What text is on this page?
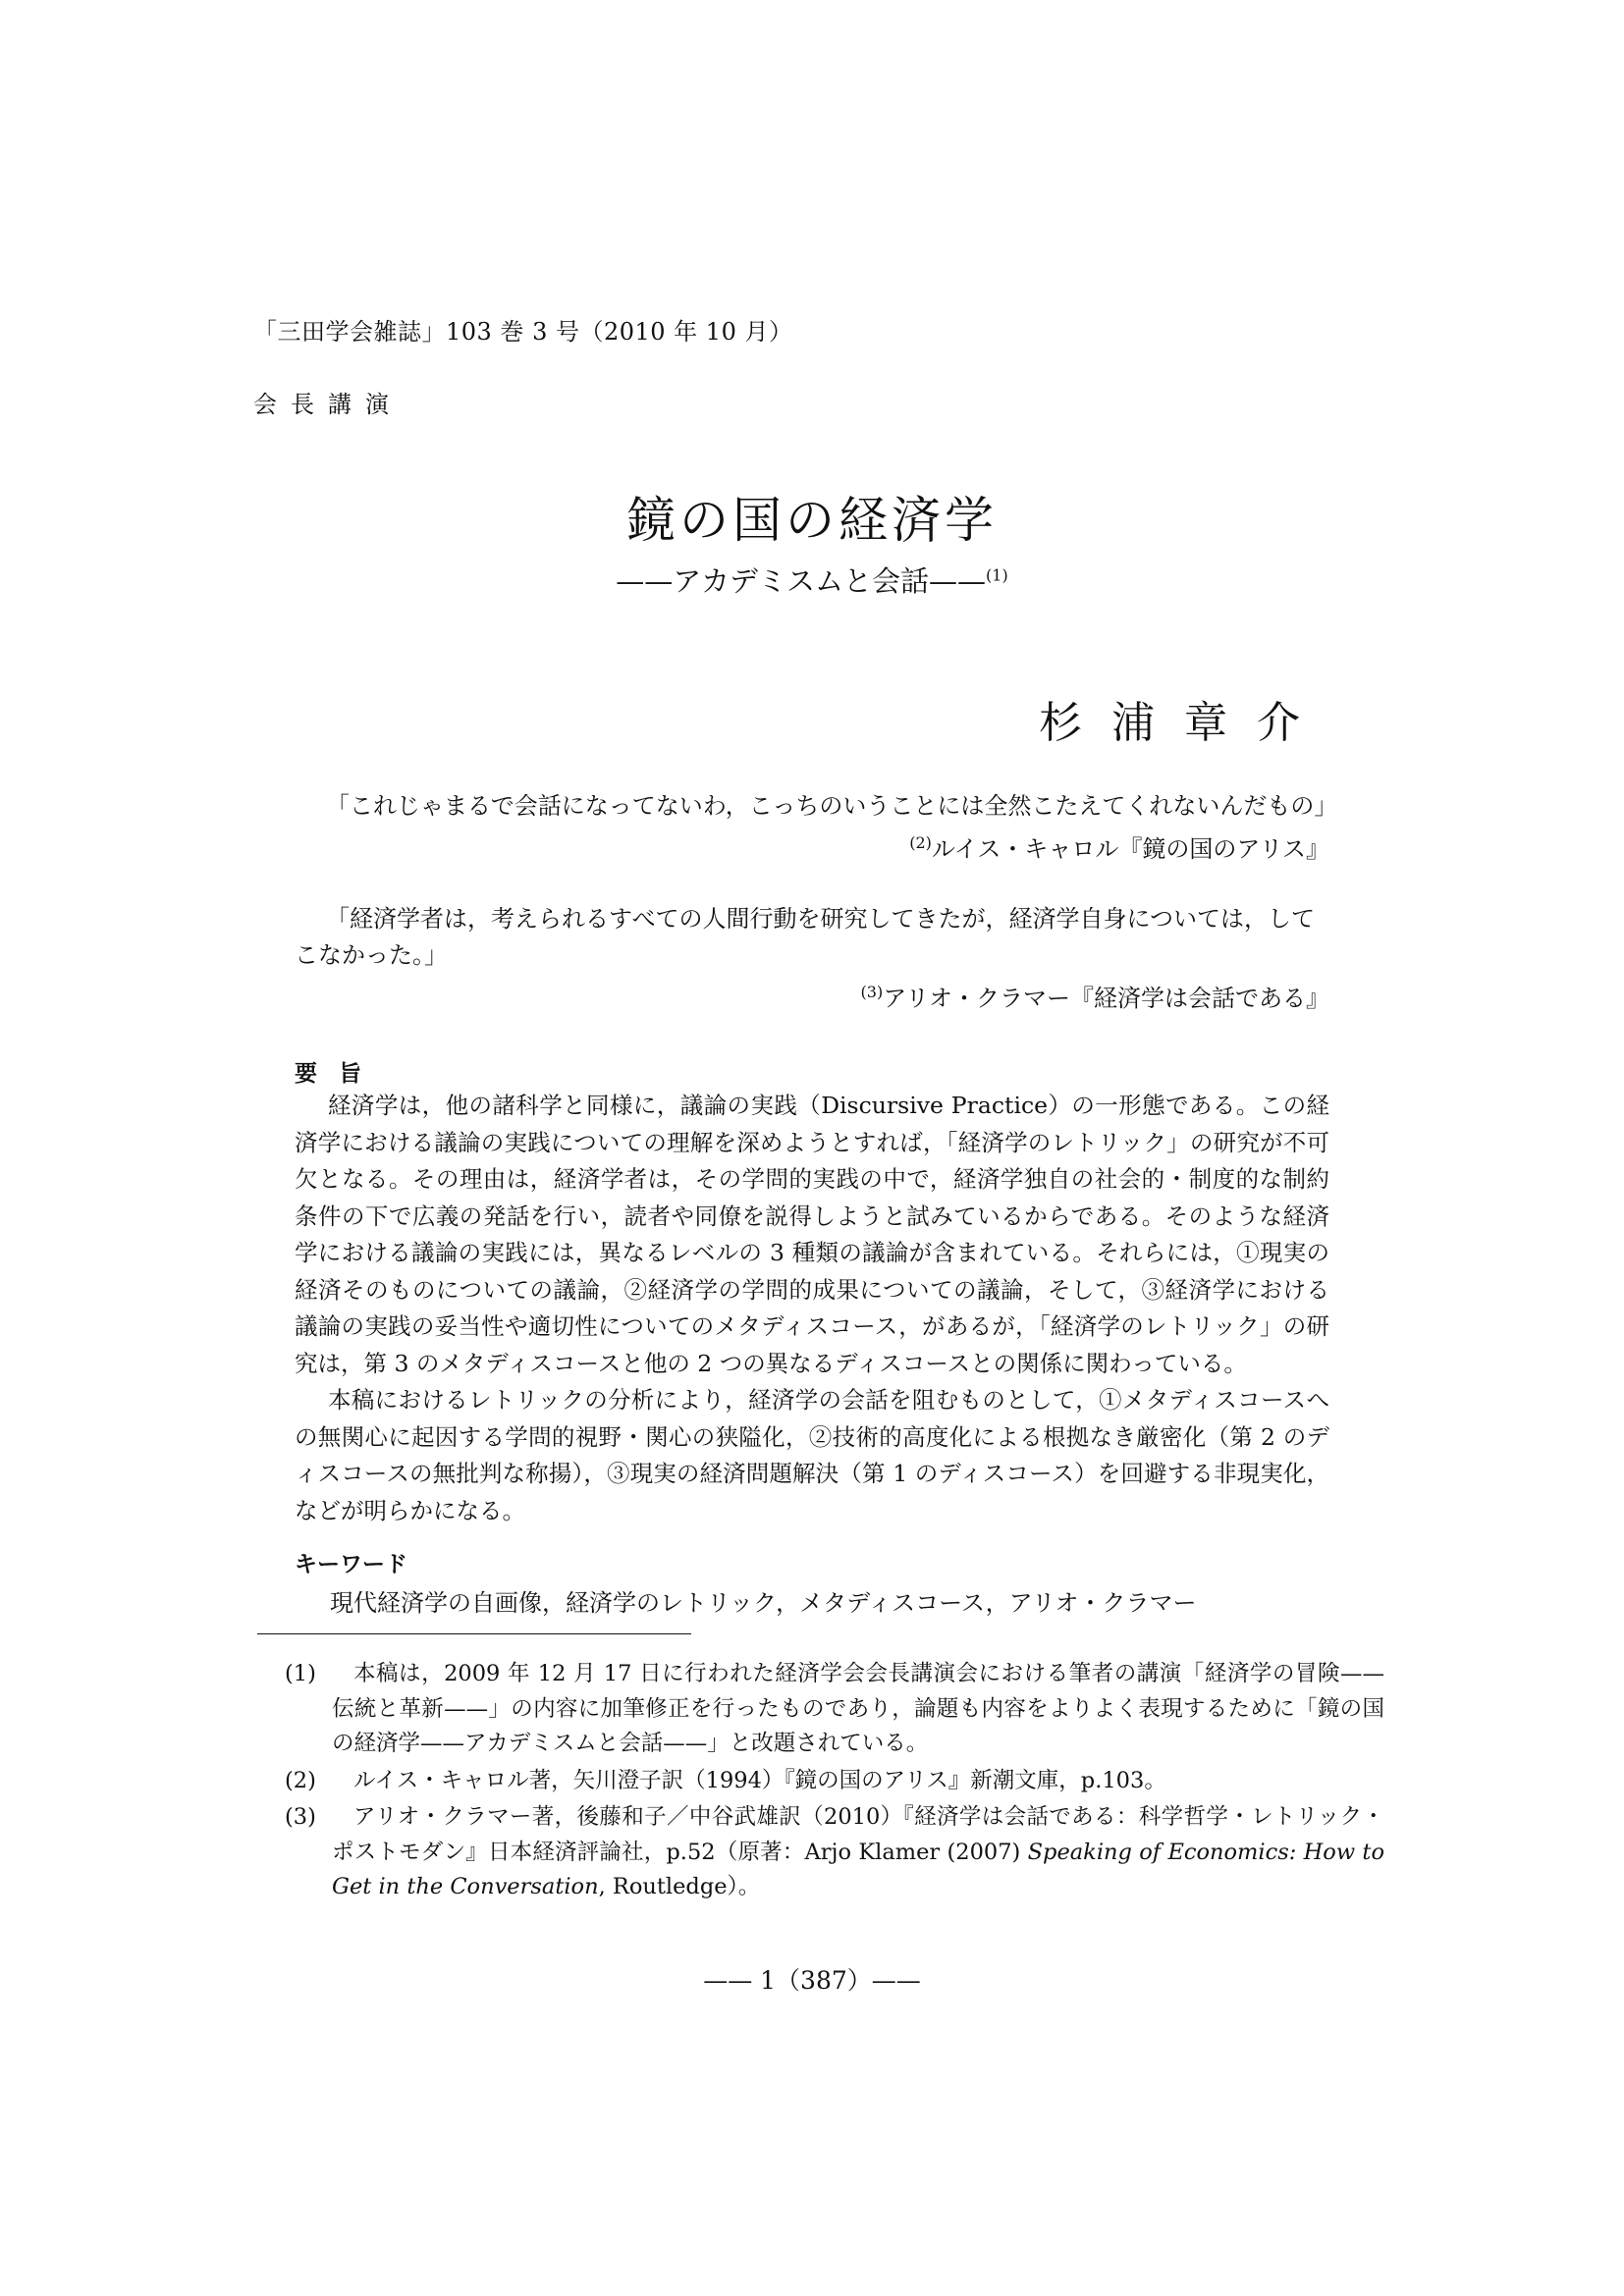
「三田学会雑誌」103 巻 3 号（2010 年 10 月）
会長講演
鏡の国の経済学
——アカデミスムと会話——$^{(1)}$
杉浦章介
「これじゃまるで会話になってないわ，こっちのいうことには全然こたえてくれないんだもの」
$^{(2)}$ルイス・キャロル『鏡の国のアリス』
「経済学者は，考えられるすべての人間行動を研究してきたが，経済学自身については，してこなかった。」
$^{(3)}$アリオ・クラマー『経済学は会話である』
要旨

経済学は，他の諸科学と同様に，議論の実践（Discursive Practice）の一形態である。この経済学における議論の実践についての理解を深めようとすれば，「経済学のレトリック」の研究が不可欠となる。その理由は，経済学者は，その学問的実践の中で，経済学独自の社会的・制度的な制約条件の下で広義の発話を行い，読者や同僚を説得しようと試みているからである。そのような経済学における議論の実践には，異なるレベルの 3 種類の議論が含まれている。それらには，①現実の経済そのものについての議論，②経済学の学問的成果についての議論，そして，③経済学における議論の実践の妥当性や適切性についてのメタディスコース，があるが，「経済学のレトリック」の研究は，第 3 のメタディスコースと他の 2 つの異なるディスコースとの関係に関わっている。

本稿におけるレトリックの分析により，経済学の会話を阻むものとして，①メタディスコースへの無関心に起因する学問的視野・関心の狭隘化，②技術的高度化による根拠なき厳密化（第 2 のディスコースの無批判な称揚），③現実の経済問題解決（第 1 のディスコース）を回避する非現実化，などが明らかになる。

キーワード
現代経済学の自画像，経済学のレトリック，メタディスコース，アリオ・クラマー
(1)	本稿は，2009 年 12 月 17 日に行われた経済学会会長講演会における筆者の講演「経済学の冒険——伝統と革新——」の内容に加筆修正を行ったものであり，論題も内容をよりよく表現するために「鏡の国の経済学——アカデミスムと会話——」と改題されている。
(2)	ルイス・キャロル著，矢川澄子訳（1994）『鏡の国のアリス』新潮文庫，p.103。
(3)	アリオ・クラマー著，後藤和子／中谷武雄訳（2010）『経済学は会話である：科学哲学・レトリック・ポストモダン』日本経済評論社，p.52（原著：Arjo Klamer (2007) Speaking of Economics: How to Get in the Conversation, Routledge）。
—— 1（387）——
